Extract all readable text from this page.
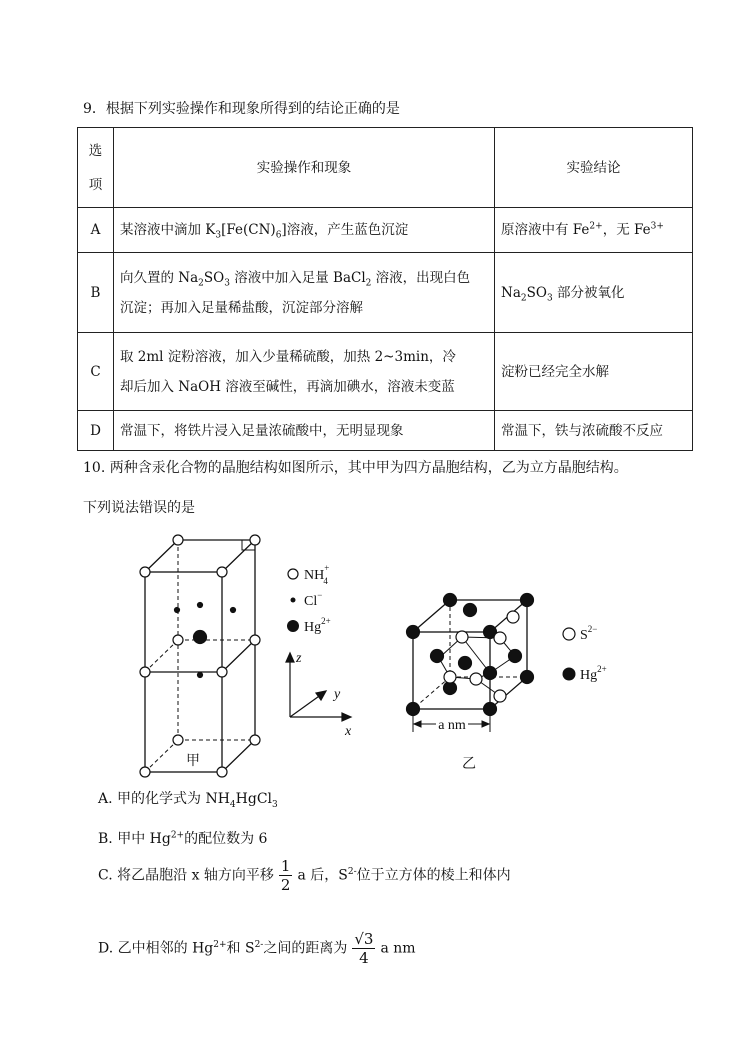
9．根据下列实验操作和现象所得到的结论正确的是
选
项	实验操作和现象	实验结论
A	某溶液中滴加 $K_3[Fe(CN)_6]$溶液，产生蓝色沉淀	原溶液中有 $Fe^{2+}$，无 $Fe^{3+}$
B	向久置的 $Na_2SO_3$ 溶液中加入足量 BaCl$_2$ 溶液，出现白色
沉淀；再加入足量稀盐酸，沉淀部分溶解	$Na_2SO_3$ 部分被氧化
C	取 2ml 淀粉溶液，加入少量稀硫酸，加热 2~3min，冷
却后加入 NaOH 溶液至碱性，再滴加碘水，溶液未变蓝	淀粉已经完全水解
D	常温下，将铁片浸入足量浓硫酸中，无明显现象	常温下，铁与浓硫酸不反应
10. 两种含汞化合物的晶胞结构如图所示，其中甲为四方晶胞结构，乙为立方晶胞结构。
下列说法错误的是
NH+ 4
Cl−
$Hg^{2+}$
z
y
x
甲
a nm
$S^{2-}$
$Hg^{2+}$
乙
A. 甲的化学式为 $NH_4HgCl_3$
B. 甲中 $Hg^{2+}$的配位数为 6
C. 将乙晶胞沿 x 轴方向平移 $\frac{1}{2}$ a 后，$S^{2-}$位于立方体的棱上和体内
D. 乙中相邻的 $Hg^{2+}$和 $S^{2-}$之间的距离为 $\frac{√3}{4}$ a nm
